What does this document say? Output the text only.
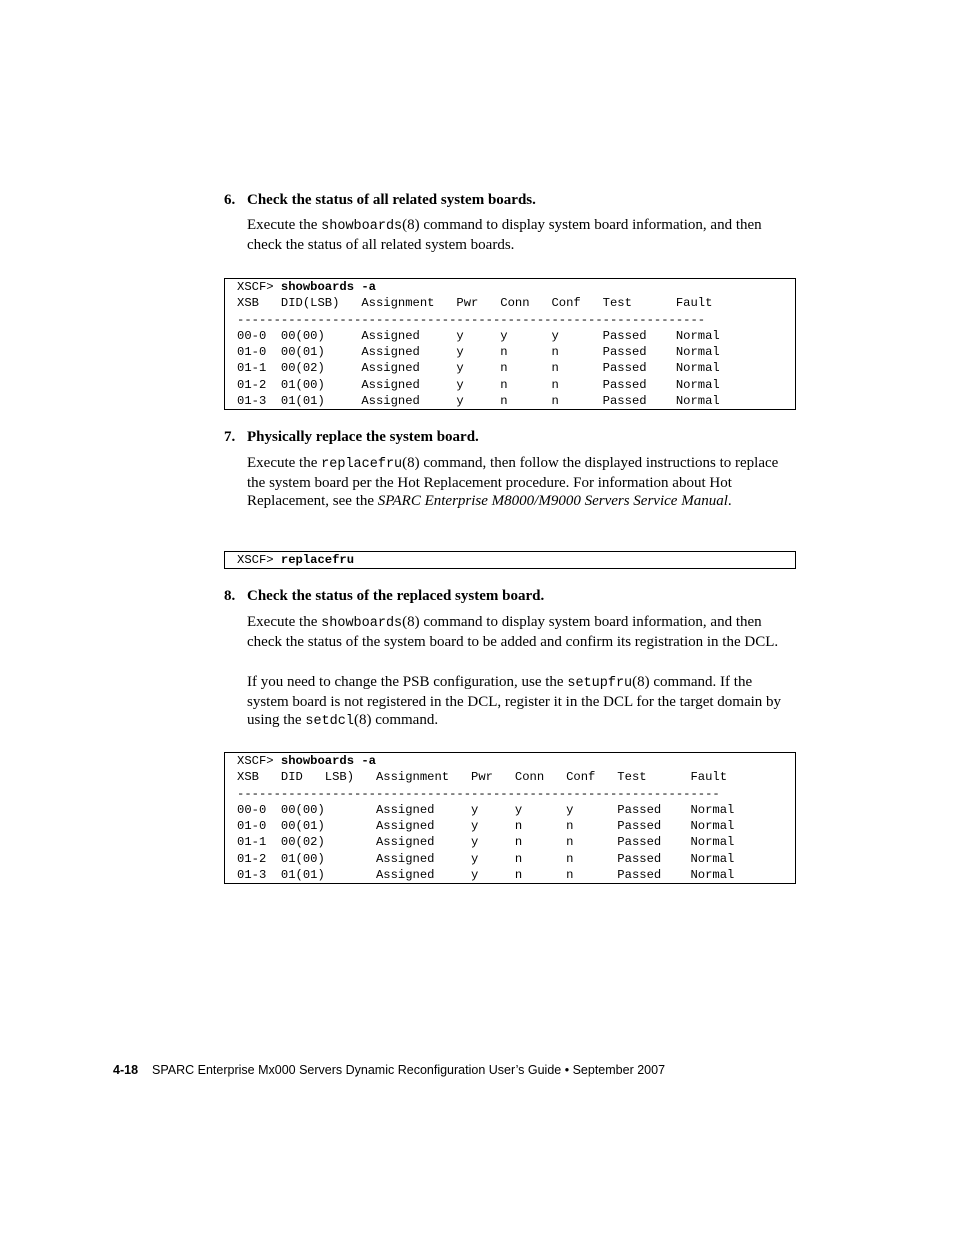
6. Check the status of all related system boards.
Execute the showboards(8) command to display system board information, and then check the status of all related system boards.
XSCF> showboards -a
XSB   DID(LSB)   Assignment   Pwr   Conn   Conf   Test      Fault
----------------------------------------------------------------
00-0  00(00)     Assigned     y     y      y      Passed    Normal
01-0  00(01)     Assigned     y     n      n      Passed    Normal
01-1  00(02)     Assigned     y     n      n      Passed    Normal
01-2  01(00)     Assigned     y     n      n      Passed    Normal
01-3  01(01)     Assigned     y     n      n      Passed    Normal
7. Physically replace the system board.
Execute the replacefru(8) command, then follow the displayed instructions to replace the system board per the Hot Replacement procedure. For information about Hot Replacement, see the SPARC Enterprise M8000/M9000 Servers Service Manual.
XSCF> replacefru
8. Check the status of the replaced system board.
Execute the showboards(8) command to display system board information, and then check the status of the system board to be added and confirm its registration in the DCL.
If you need to change the PSB configuration, use the setupfru(8) command. If the system board is not registered in the DCL, register it in the DCL for the target domain by using the setdcl(8) command.
XSCF> showboards -a
XSB   DID   LSB)   Assignment   Pwr   Conn   Conf   Test      Fault
------------------------------------------------------------------
00-0  00(00)       Assigned     y     y      y      Passed    Normal
01-0  00(01)       Assigned     y     n      n      Passed    Normal
01-1  00(02)       Assigned     y     n      n      Passed    Normal
01-2  01(00)       Assigned     y     n      n      Passed    Normal
01-3  01(01)       Assigned     y     n      n      Passed    Normal
4-18 SPARC Enterprise Mx000 Servers Dynamic Reconfiguration User’s Guide • September 2007
